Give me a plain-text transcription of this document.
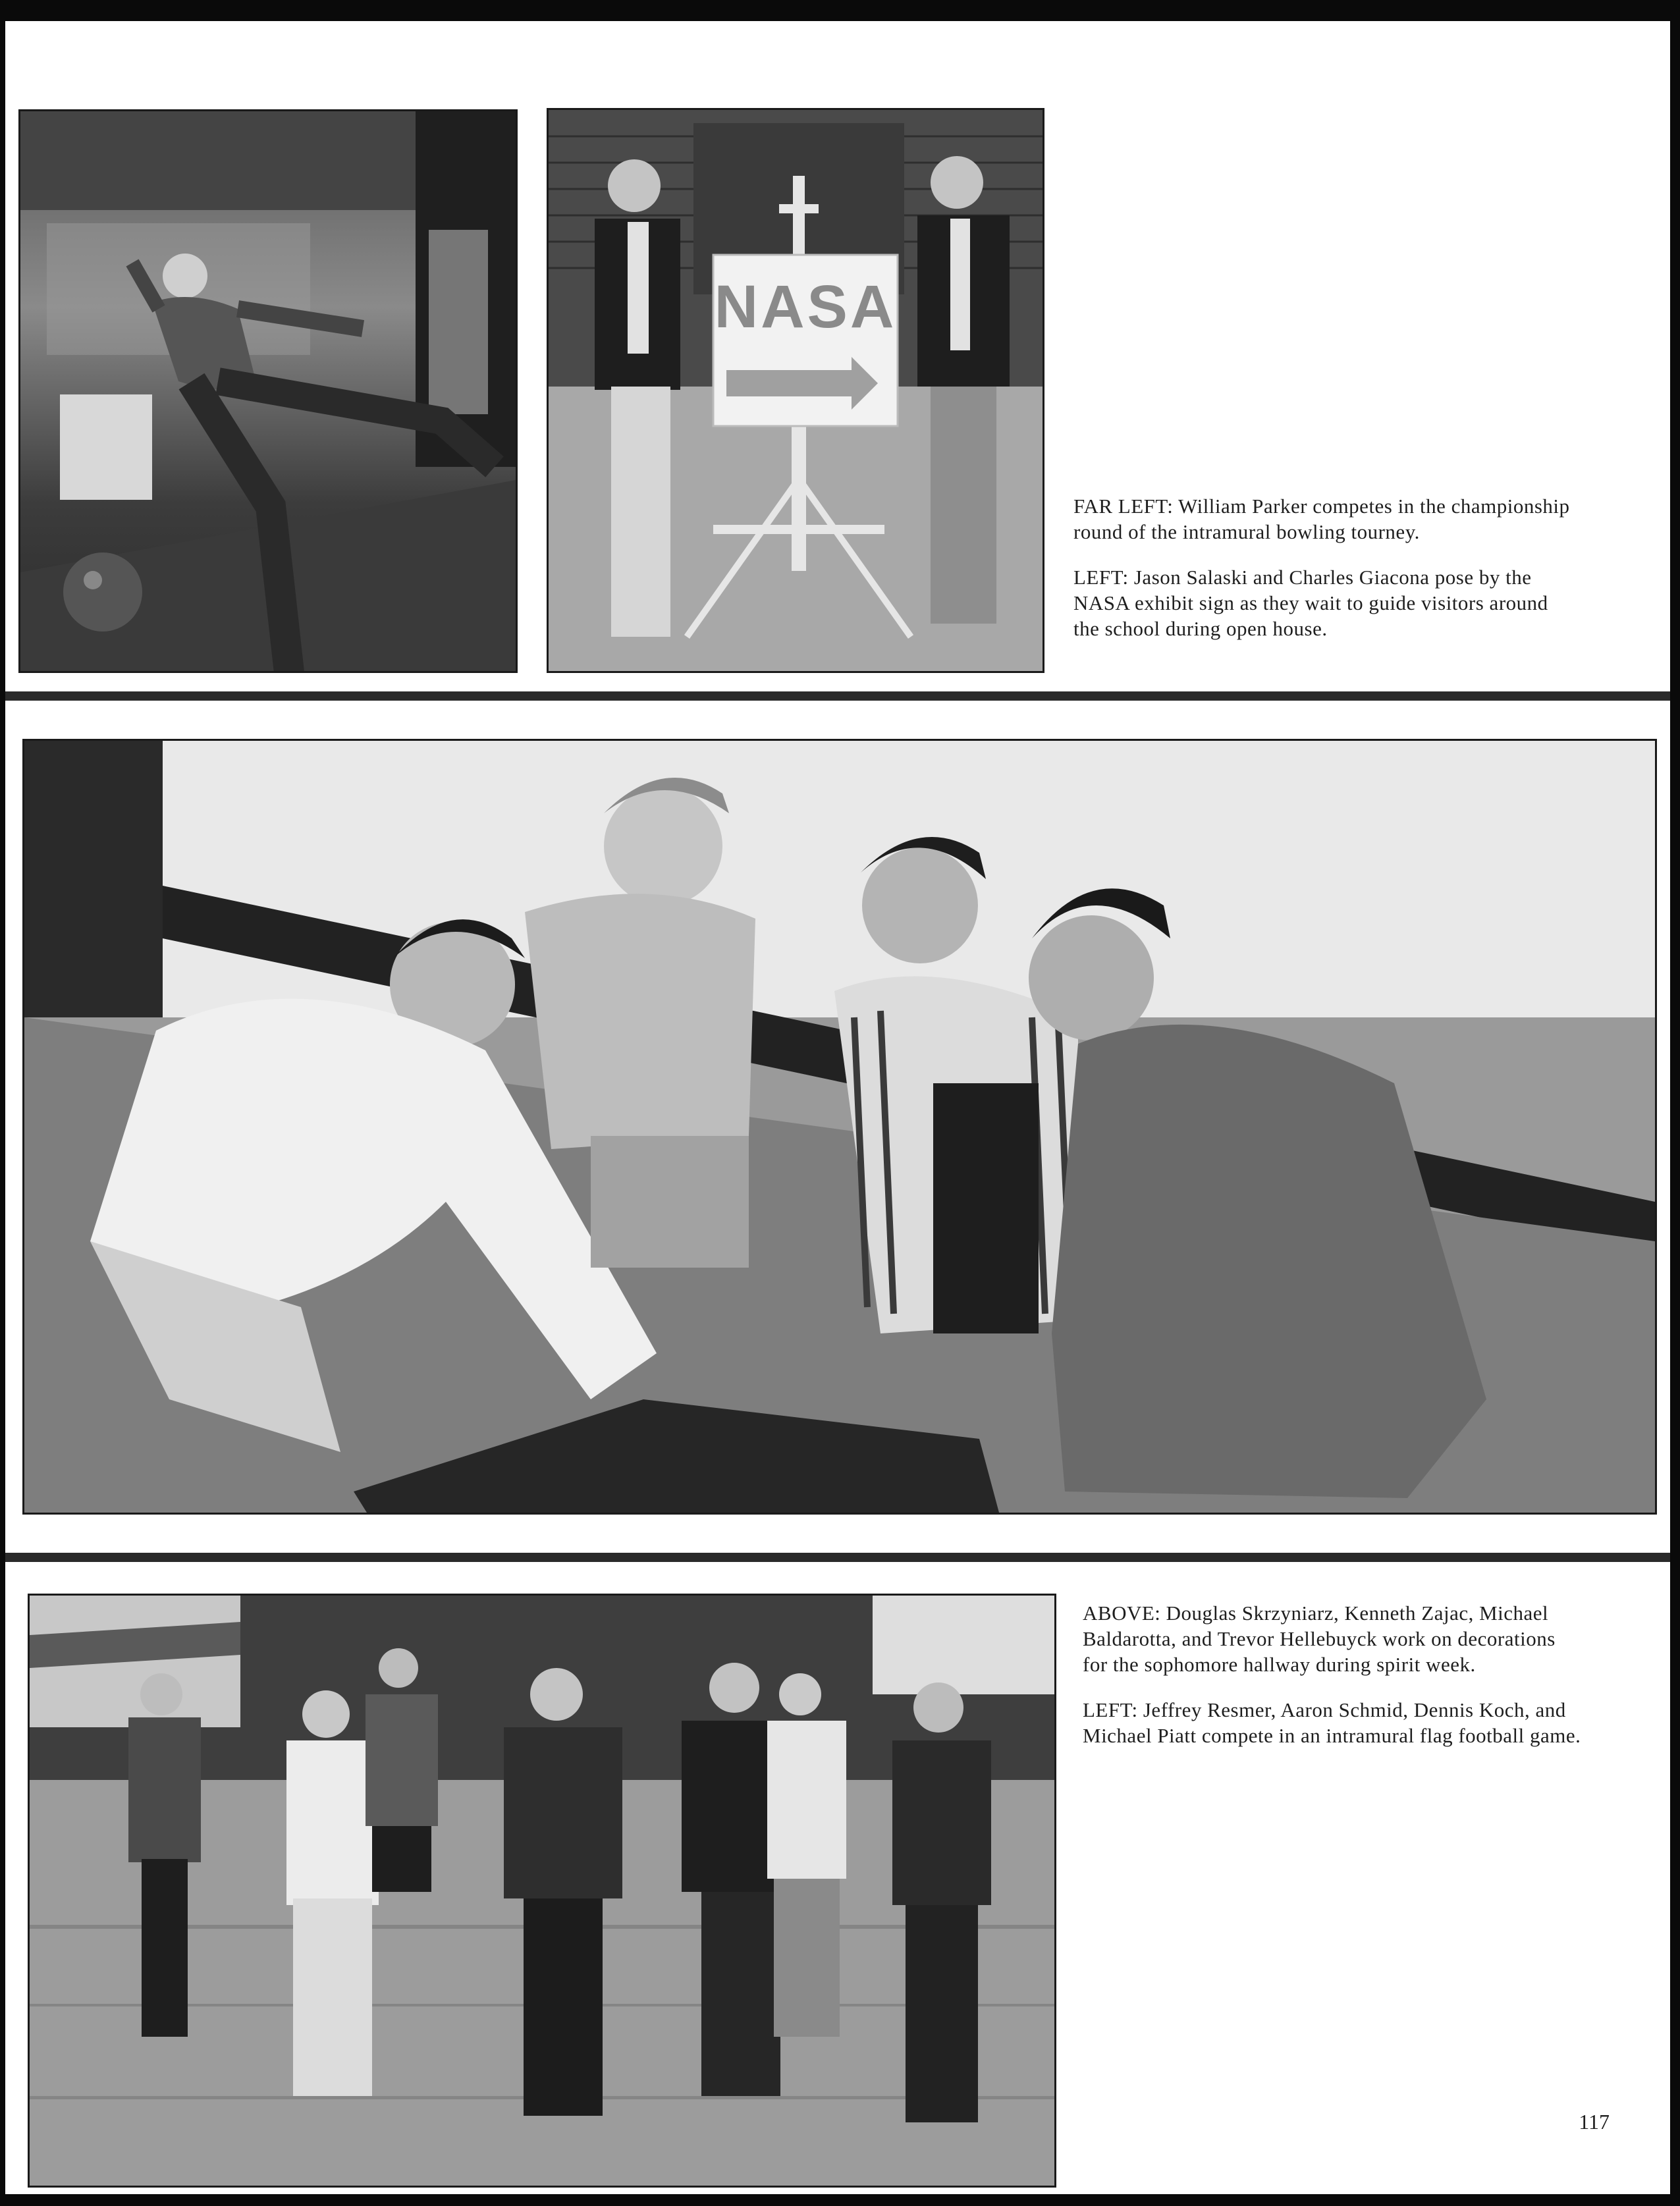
NASA

FAR LEFT: William Parker competes in the championship round of the intramural bowling tourney.

LEFT: Jason Salaski and Charles Giacona pose by the NASA exhibit sign as they wait to guide visitors around the school during open house.

ABOVE: Douglas Skrzyniarz, Kenneth Zajac, Michael Baldarotta, and Trevor Hellebuyck work on decorations for the sophomore hallway during spirit week.

LEFT: Jeffrey Resmer, Aaron Schmid, Dennis Koch, and Michael Piatt compete in an intramural flag football game.

117
